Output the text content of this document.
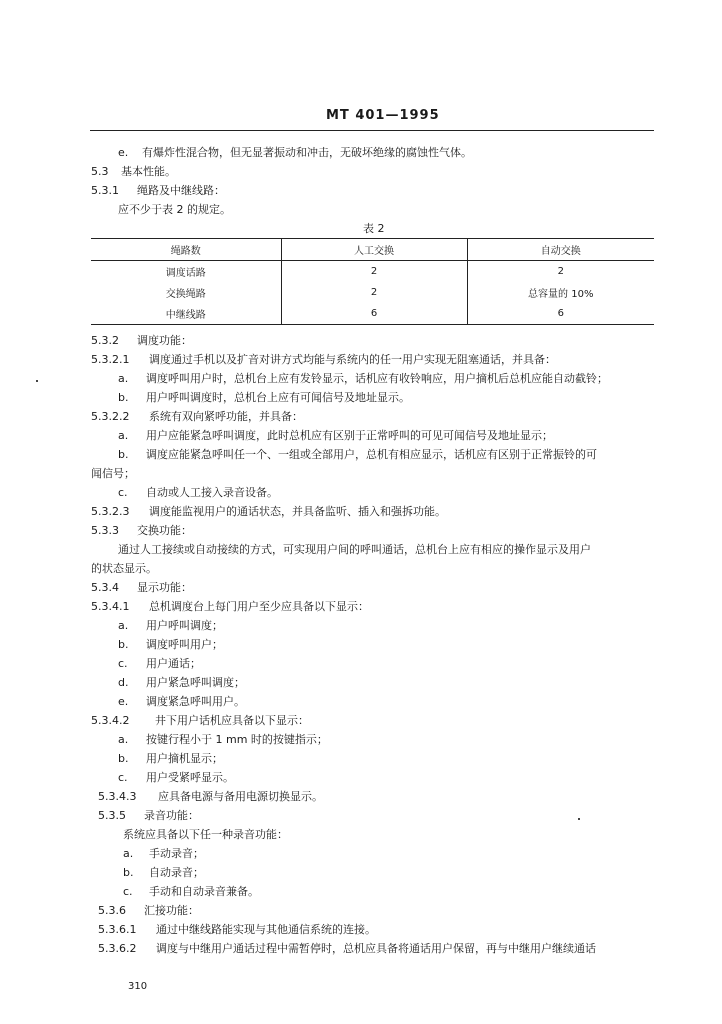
MT 401—1995
e. 有爆炸性混合物，但无显著振动和冲击，无破坏绝缘的腐蚀性气体。
5.3 基本性能。
5.3.1 绳路及中继线路：
应不少于表 2 的规定。
表 2
绳路数	人工交换	自动交换
调度话路	2	2
交换绳路	2	总容量的 10%
中继线路	6	6
5.3.2 调度功能：
5.3.2.1 调度通过手机以及扩音对讲方式均能与系统内的任一用户实现无阻塞通话，并具备：
a. 调度呼叫用户时，总机台上应有发铃显示，话机应有收铃响应，用户摘机后总机应能自动截铃；
b. 用户呼叫调度时，总机台上应有可闻信号及地址显示。
5.3.2.2 系统有双向紧呼功能，并具备：
a. 用户应能紧急呼叫调度，此时总机应有区别于正常呼叫的可见可闻信号及地址显示；
b. 调度应能紧急呼叫任一个、一组或全部用户，总机有相应显示，话机应有区别于正常振铃的可
闻信号；
c. 自动或人工接入录音设备。
5.3.2.3 调度能监视用户的通话状态，并具备监听、插入和强拆功能。
5.3.3 交换功能：
通过人工接续或自动接续的方式，可实现用户间的呼叫通话，总机台上应有相应的操作显示及用户
的状态显示。
5.3.4 显示功能：
5.3.4.1 总机调度台上每门用户至少应具备以下显示：
a. 用户呼叫调度；
b. 调度呼叫用户；
c. 用户通话；
d. 用户紧急呼叫调度；
e. 调度紧急呼叫用户。
5.3.4.2 井下用户话机应具备以下显示：
a. 按键行程小于 1 mm 时的按键指示；
b. 用户摘机显示；
c. 用户受紧呼显示。
5.3.4.3 应具备电源与备用电源切换显示。
5.3.5 录音功能：
系统应具备以下任一种录音功能：
a. 手动录音；
b. 自动录音；
c. 手动和自动录音兼备。
5.3.6 汇接功能：
5.3.6.1 通过中继线路能实现与其他通信系统的连接。
5.3.6.2 调度与中继用户通话过程中需暂停时，总机应具备将通话用户保留，再与中继用户继续通话
310
